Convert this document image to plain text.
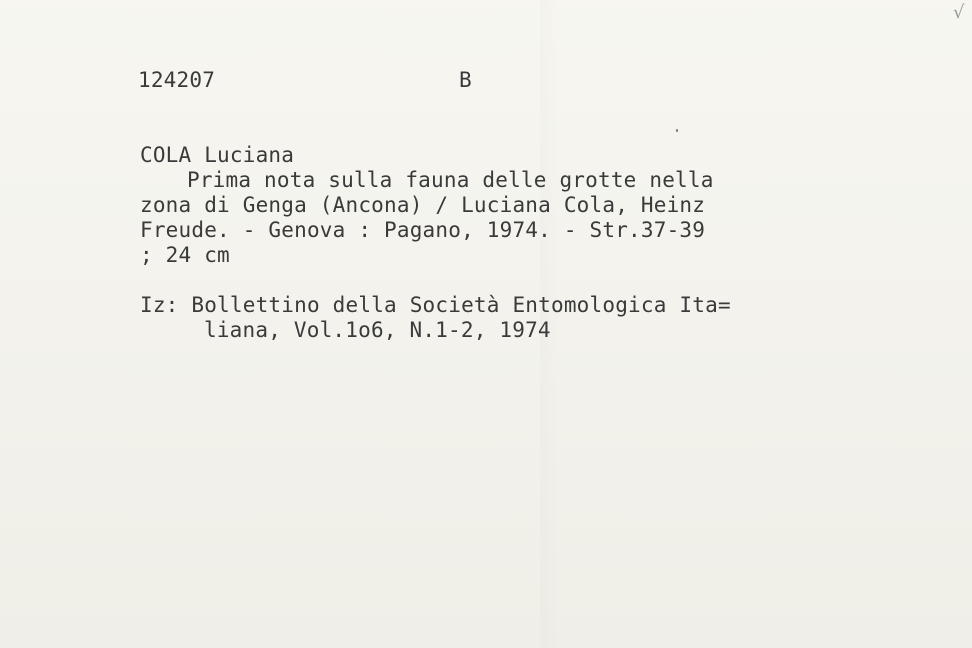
√
124207	B
COLA Luciana
Prima nota sulla fauna delle grotte nella
zona di Genga (Ancona) / Luciana Cola, Heinz
Freude. - Genova : Pagano, 1974. - Str.37-39
; 24 cm
Iz: Bollettino della Società Entomologica Ita=
liana, Vol.1o6, N.1-2, 1974
